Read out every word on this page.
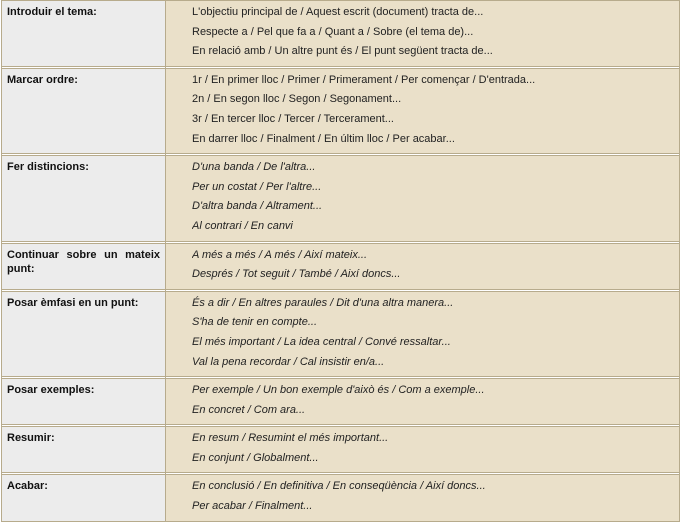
Introduir el tema:	L'objectiu principal de / Aquest escrit (document) tracta de...
Respecte a / Pel que fa a / Quant a / Sobre (el tema de)...
En relació amb / Un altre punt és / El punt següent tracta de...

Marcar ordre:	1r / En primer lloc / Primer / Primerament / Per començar / D'entrada...
2n / En segon lloc / Segon / Segonament...
3r / En tercer lloc / Tercer / Tercerament...
En darrer lloc / Finalment / En últim lloc / Per acabar...

Fer distincions:	D'una banda / De l'altra...
Per un costat / Per l'altre...
D'altra banda / Altrament...
Al contrari / En canvi

Continuar sobre un mateix punt:	A més a més / A més / Així mateix...
Després / Tot seguit / També / Així doncs...

Posar èmfasi en un punt:	És a dir / En altres paraules / Dit d'una altra manera...
S'ha de tenir en compte...
El més important / La idea central / Convé ressaltar...
Val la pena recordar / Cal insistir en/a...

Posar exemples:	Per exemple / Un bon exemple d'això és / Com a exemple...
En concret / Com ara...

Resumir:	En resum / Resumint el més important...
En conjunt / Globalment...

Acabar:	En conclusió / En definitiva / En conseqüència / Així doncs...
Per acabar / Finalment...
